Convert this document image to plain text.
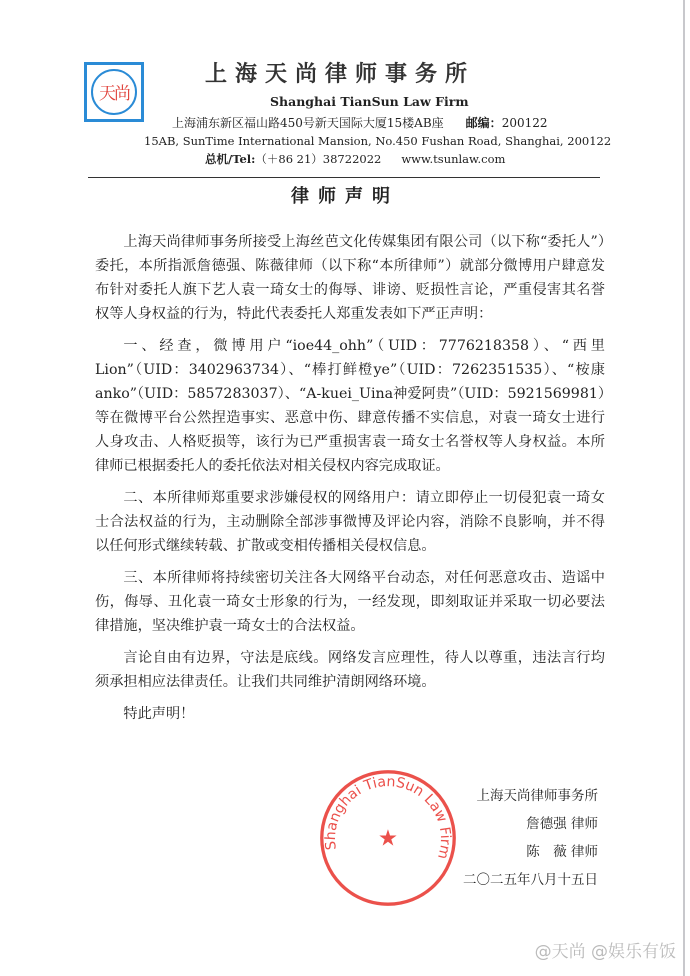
天尚
上海天尚律师事务所
Shanghai TianSun Law Firm
上海浦东新区福山路450号新天国际大厦15楼AB座 邮编：200122
15AB, SunTime International Mansion, No.450 Fushan Road, Shanghai, 200122
总机/Tel:（＋86 21）38722022 www.tsunlaw.com
律师声明

上海天尚律师事务所接受上海丝芭文化传媒集团有限公司（以下称“委托人”）委托，本所指派詹德强、陈薇律师（以下称“本所律师”）就部分微博用户肆意发布针对委托人旗下艺人袁一琦女士的侮辱、诽谤、贬损性言论，严重侵害其名誉权等人身权益的行为，特此代表委托人郑重发表如下严正声明：

一、经查，微博用户“ioe44_ohh”（UID：7776218358）、“西里Lion”（UID：3402963734）、“棒打鲜橙ye”（UID：7262351535）、“桉康anko”（UID：5857283037）、“A-kuei_Uina神爱阿贵”（UID：5921569981）等在微博平台公然捏造事实、恶意中伤、肆意传播不实信息，对袁一琦女士进行人身攻击、人格贬损等，该行为已严重损害袁一琦女士名誉权等人身权益。本所律师已根据委托人的委托依法对相关侵权内容完成取证。

二、本所律师郑重要求涉嫌侵权的网络用户：请立即停止一切侵犯袁一琦女士合法权益的行为，主动删除全部涉事微博及评论内容，消除不良影响，并不得以任何形式继续转载、扩散或变相传播相关侵权信息。

三、本所律师将持续密切关注各大网络平台动态，对任何恶意攻击、造谣中伤，侮辱、丑化袁一琦女士形象的行为，一经发现，即刻取证并采取一切必要法律措施，坚决维护袁一琦女士的合法权益。

言论自由有边界，守法是底线。网络发言应理性，待人以尊重，违法言行均须承担相应法律责任。让我们共同维护清朗网络环境。

特此声明！

Shanghai TianSun Law Firm
★
上海天尚律师事务所
詹德强 律师
陈　薇 律师
二〇二五年八月十五日
@天尚 @娱乐有饭
